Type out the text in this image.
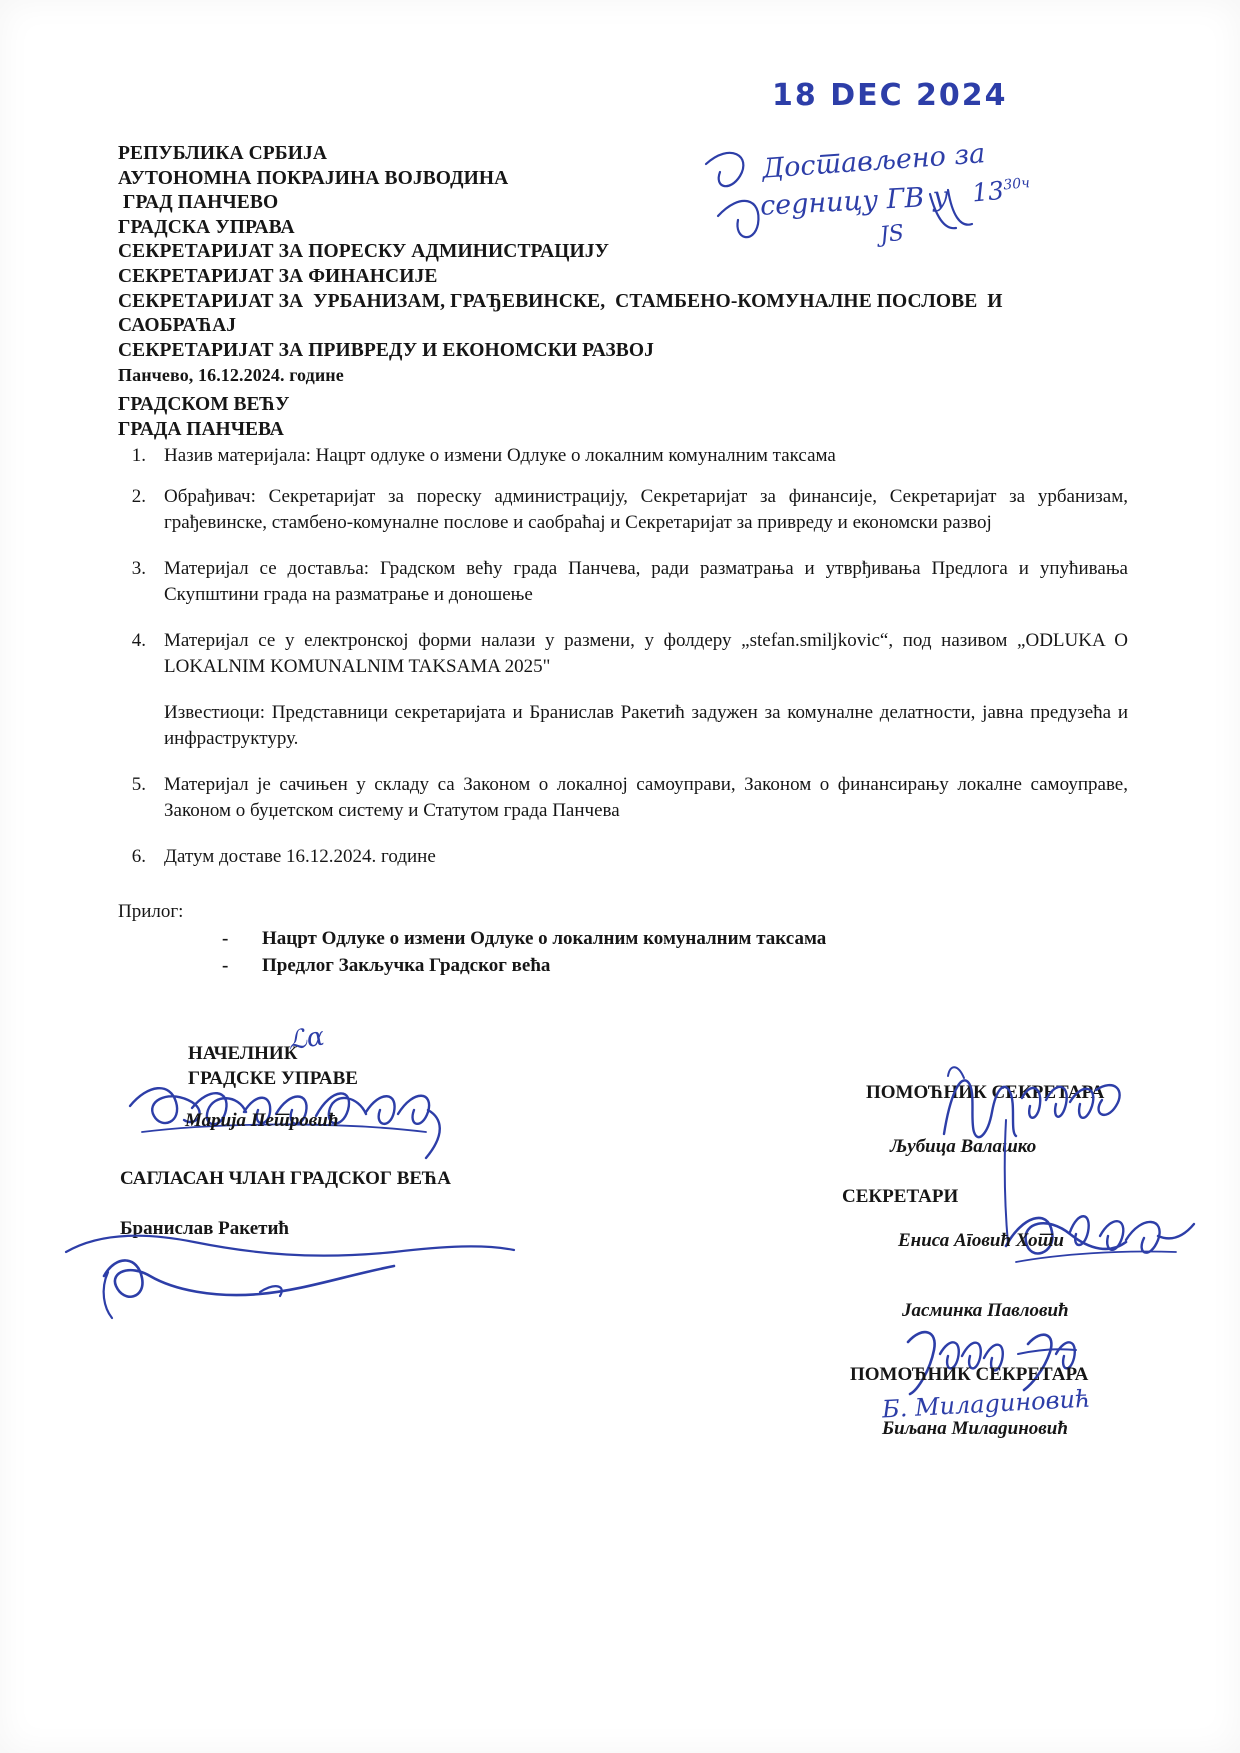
18 DEC 2024
Достављено за
седницу ГВ у $13^{30ч}$
ЈS
РЕПУБЛИКА СРБИЈА
АУТОНОМНА ПОКРАЈИНА ВОЈВОДИНА
ГРАД ПАНЧЕВО
ГРАДСКА УПРАВА
СЕКРЕТАРИЈАТ ЗА ПОРЕСКУ АДМИНИСТРАЦИЈУ
СЕКРЕТАРИЈАТ ЗА ФИНАНСИЈЕ
СЕКРЕТАРИЈАТ ЗА  УРБАНИЗАМ, ГРАЂЕВИНСКЕ,  СТАМБЕНО-КОМУНАЛНЕ ПОСЛОВЕ  И
САОБРАЋАЈ
СЕКРЕТАРИЈАТ ЗА ПРИВРЕДУ И ЕКОНОМСКИ РАЗВОЈ
Панчево, 16.12.2024. године
ГРАДСКОМ ВЕЋУ
ГРАДА ПАНЧЕВА
1. Назив материјала: Нацрт одлуке о измени Одлуке о локалним комуналним таксама
2. Обрађивач: Секретаријат за пореску администрацију, Секретаријат за финансије, Секретаријат за урбанизам, грађевинске, стамбено-комуналне послове и саобраћај и Секретаријат за привреду и економски развој
3. Материјал се доставља: Градском већу града Панчева, ради разматрања и утврђивања Предлога и упућивања Скупштини града на разматрање и доношење
4. Материјал се у електронској форми налази у размени, у фолдеру „stefan.smiljkovic“, под називом „ODLUKA O LOKALNIM KOMUNALNIM TAKSAMA 2025"
Известиоци: Представници секретаријата и Бранислав Ракетић задужен за комуналне делатности, јавна предузећа и инфраструктуру.
5. Материјал је сачињен у складу са Законом о локалној самоуправи, Законом о финансирању локалне самоуправе, Законом о буџетском систему и Статутом града Панчева
6. Датум доставе 16.12.2024. године
Прилог:
-	Нацрт Одлуке о измени Одлуке о локалним комуналним таксама
-	Предлог Закључка Градског већа
ℒα
НАЧЕЛНИК
ГРАДСКЕ УПРАВЕ
Марија Петровић
САГЛАСАН ЧЛАН ГРАДСКОГ ВЕЋА
Бранислав Ракетић
ПОМОЋНИК СЕКРЕТАРА
Љубица Валашко
СЕКРЕТАРИ
Ениса Аговић Хоти
Јасминка Павловић
ПОМОЋНИК СЕКРЕТАРА
Б. Миладиновић
Биљана Миладиновић
